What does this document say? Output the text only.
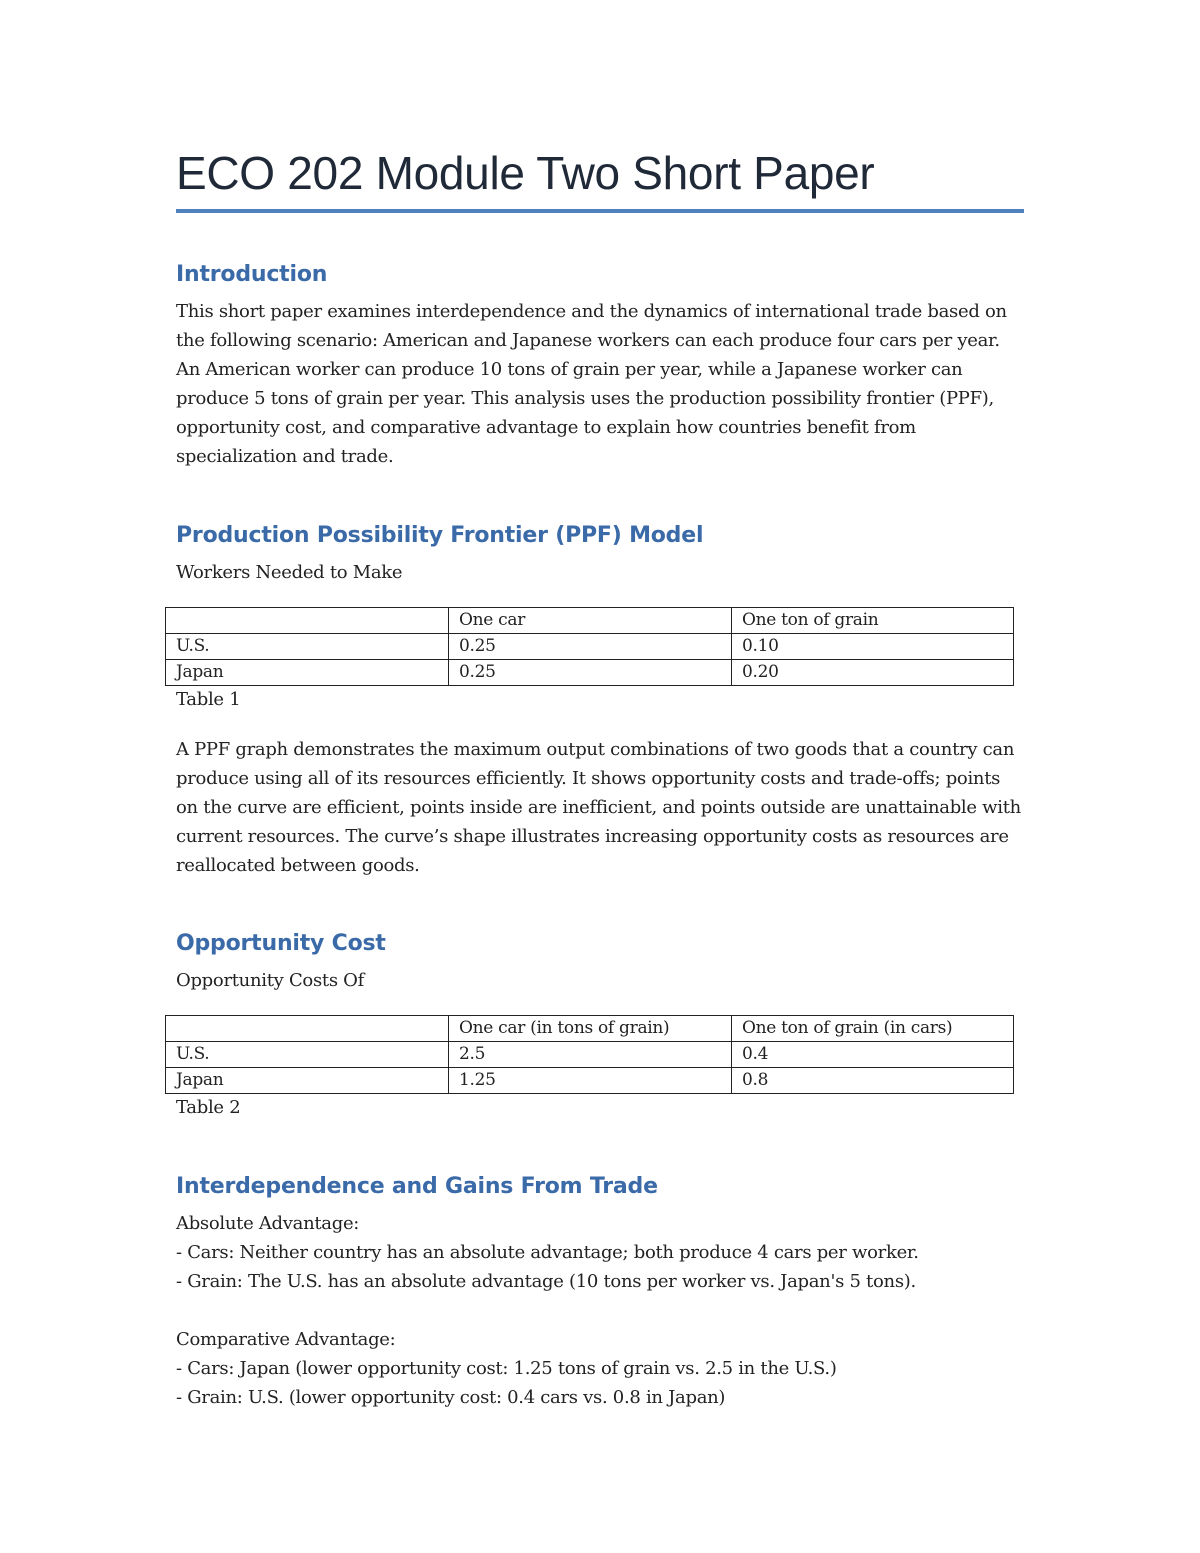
ECO 202 Module Two Short Paper
Introduction

This short paper examines interdependence and the dynamics of international trade based on the following scenario: American and Japanese workers can each produce four cars per year. An American worker can produce 10 tons of grain per year, while a Japanese worker can produce 5 tons of grain per year. This analysis uses the production possibility frontier (PPF), opportunity cost, and comparative advantage to explain how countries benefit from specialization and trade.

Production Possibility Frontier (PPF) Model

Workers Needed to Make

	One car	One ton of grain
U.S.	0.25	0.10
Japan	0.25	0.20

Table 1

A PPF graph demonstrates the maximum output combinations of two goods that a country can produce using all of its resources efficiently. It shows opportunity costs and trade-offs; points on the curve are efficient, points inside are inefficient, and points outside are unattainable with current resources. The curve’s shape illustrates increasing opportunity costs as resources are reallocated between goods.

Opportunity Cost

Opportunity Costs Of

	One car (in tons of grain)	One ton of grain (in cars)
U.S.	2.5	0.4
Japan	1.25	0.8

Table 2

Interdependence and Gains From Trade

Absolute Advantage:

- Cars: Neither country has an absolute advantage; both produce 4 cars per worker.

- Grain: The U.S. has an absolute advantage (10 tons per worker vs. Japan's 5 tons).

Comparative Advantage:

- Cars: Japan (lower opportunity cost: 1.25 tons of grain vs. 2.5 in the U.S.)

- Grain: U.S. (lower opportunity cost: 0.4 cars vs. 0.8 in Japan)
